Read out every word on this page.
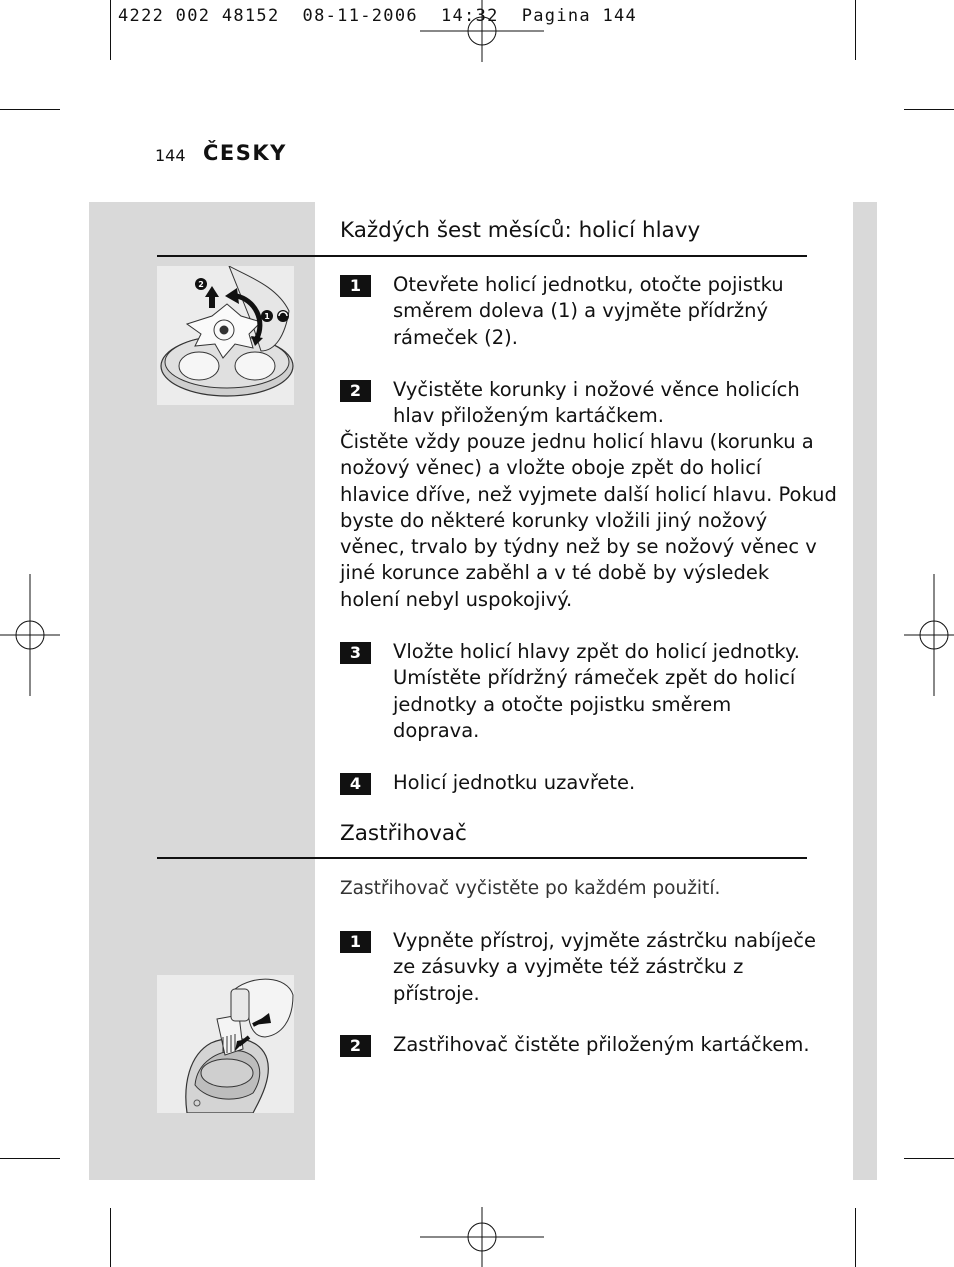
4222 002 48152  08-11-2006  14:32  Pagina 144
144 ČESKY
Každých šest měsíců: holicí hlavy
2
1
1	Otevřete holicí jednotku, otočte pojistku
směrem doleva (1) a vyjměte přídržný
rámeček (2).
2	Vyčistěte korunky i nožové věnce holicích
hlav přiloženým kartáčkem.
Čistěte vždy pouze jednu holicí hlavu (korunku a
nožový věnec) a vložte oboje zpět do holicí
hlavice dříve, než vyjmete další holicí hlavu. Pokud
byste do některé korunky vložili jiný nožový
věnec, trvalo by týdny než by se nožový věnec v
jiné korunce zaběhl a v té době by výsledek
holení nebyl uspokojivý.
3	Vložte holicí hlavy zpět do holicí jednotky.
Umístěte přídržný rámeček zpět do holicí
jednotky a otočte pojistku směrem
doprava.
4	Holicí jednotku uzavřete.
Zastřihovač
Zastřihovač vyčistěte po každém použití.
1	Vypněte přístroj, vyjměte zástrčku nabíječe
ze zásuvky a vyjměte též zástrčku z
přístroje.
2	Zastřihovač čistěte přiloženým kartáčkem.
